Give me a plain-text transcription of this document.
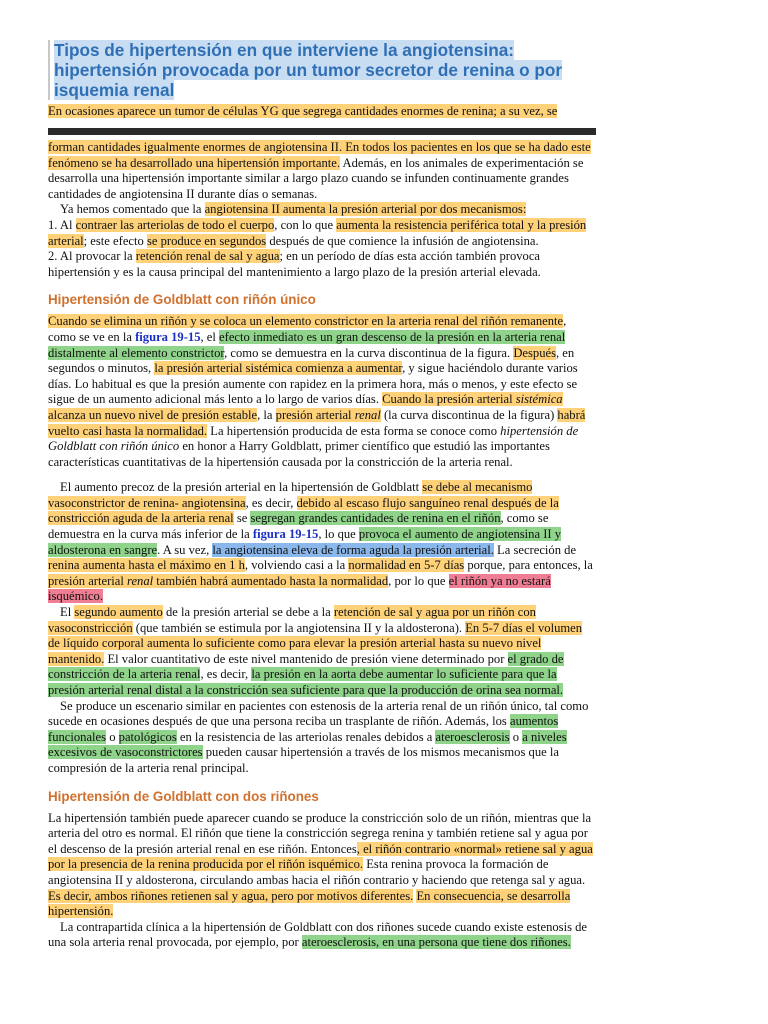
Tipos de hipertensión en que interviene la angiotensina: hipertensión provocada por un tumor secretor de renina o por isquemia renal

En ocasiones aparece un tumor de células YG que segrega cantidades enormes de renina; a su vez, se

forman cantidades igualmente enormes de angiotensina II. En todos los pacientes en los que se ha dado este fenómeno se ha desarrollado una hipertensión importante. Además, en los animales de experimentación se desarrolla una hipertensión importante similar a largo plazo cuando se infunden continuamente grandes cantidades de angiotensina II durante días o semanas.

Ya hemos comentado que la angiotensina II aumenta la presión arterial por dos mecanismos:

1. Al contraer las arteriolas de todo el cuerpo, con lo que aumenta la resistencia periférica total y la presión arterial; este efecto se produce en segundos después de que comience la infusión de angiotensina.

2. Al provocar la retención renal de sal y agua; en un período de días esta acción también provoca hipertensión y es la causa principal del mantenimiento a largo plazo de la presión arterial elevada.

Hipertensión de Goldblatt con riñón único

Cuando se elimina un riñón y se coloca un elemento constrictor en la arteria renal del riñón remanente, como se ve en la figura 19-15, el efecto inmediato es un gran descenso de la presión en la arteria renal distalmente al elemento constrictor, como se demuestra en la curva discontinua de la figura. Después, en segundos o minutos, la presión arterial sistémica comienza a aumentar, y sigue haciéndolo durante varios días. Lo habitual es que la presión aumente con rapidez en la primera hora, más o menos, y este efecto se sigue de un aumento adicional más lento a lo largo de varios días. Cuando la presión arterial sistémica alcanza un nuevo nivel de presión estable, la presión arterial renal (la curva discontinua de la figura) habrá vuelto casi hasta la normalidad. La hipertensión producida de esta forma se conoce como hipertensión de Goldblatt con riñón único en honor a Harry Goldblatt, primer científico que estudió las importantes características cuantitativas de la hipertensión causada por la constricción de la arteria renal.

El aumento precoz de la presión arterial en la hipertensión de Goldblatt se debe al mecanismo vasoconstrictor de renina- angiotensina, es decir, debido al escaso flujo sanguíneo renal después de la constricción aguda de la arteria renal se segregan grandes cantidades de renina en el riñón, como se demuestra en la curva más inferior de la figura 19-15, lo que provoca el aumento de angiotensina II y aldosterona en sangre. A su vez, la angiotensina eleva de forma aguda la presión arterial. La secreción de renina aumenta hasta el máximo en 1 h, volviendo casi a la normalidad en 5-7 días porque, para entonces, la presión arterial renal también habrá aumentado hasta la normalidad, por lo que el riñón ya no estará isquémico.

El segundo aumento de la presión arterial se debe a la retención de sal y agua por un riñón con vasoconstricción (que también se estimula por la angiotensina II y la aldosterona). En 5-7 días el volumen de líquido corporal aumenta lo suficiente como para elevar la presión arterial hasta su nuevo nivel mantenido. El valor cuantitativo de este nivel mantenido de presión viene determinado por el grado de constricción de la arteria renal, es decir, la presión en la aorta debe aumentar lo suficiente para que la presión arterial renal distal a la constricción sea suficiente para que la producción de orina sea normal.

Se produce un escenario similar en pacientes con estenosis de la arteria renal de un riñón único, tal como sucede en ocasiones después de que una persona reciba un trasplante de riñón. Además, los aumentos funcionales o patológicos en la resistencia de las arteriolas renales debidos a ateroesclerosis o a niveles excesivos de vasoconstrictores pueden causar hipertensión a través de los mismos mecanismos que la compresión de la arteria renal principal.

Hipertensión de Goldblatt con dos riñones

La hipertensión también puede aparecer cuando se produce la constricción solo de un riñón, mientras que la arteria del otro es normal. El riñón que tiene la constricción segrega renina y también retiene sal y agua por el descenso de la presión arterial renal en ese riñón. Entonces, el riñón contrario «normal» retiene sal y agua por la presencia de la renina producida por el riñón isquémico. Esta renina provoca la formación de angiotensina II y aldosterona, circulando ambas hacia el riñón contrario y haciendo que retenga sal y agua. Es decir, ambos riñones retienen sal y agua, pero por motivos diferentes. En consecuencia, se desarrolla hipertensión.

La contrapartida clínica a la hipertensión de Goldblatt con dos riñones sucede cuando existe estenosis de una sola arteria renal provocada, por ejemplo, por ateroesclerosis, en una persona que tiene dos riñones.
